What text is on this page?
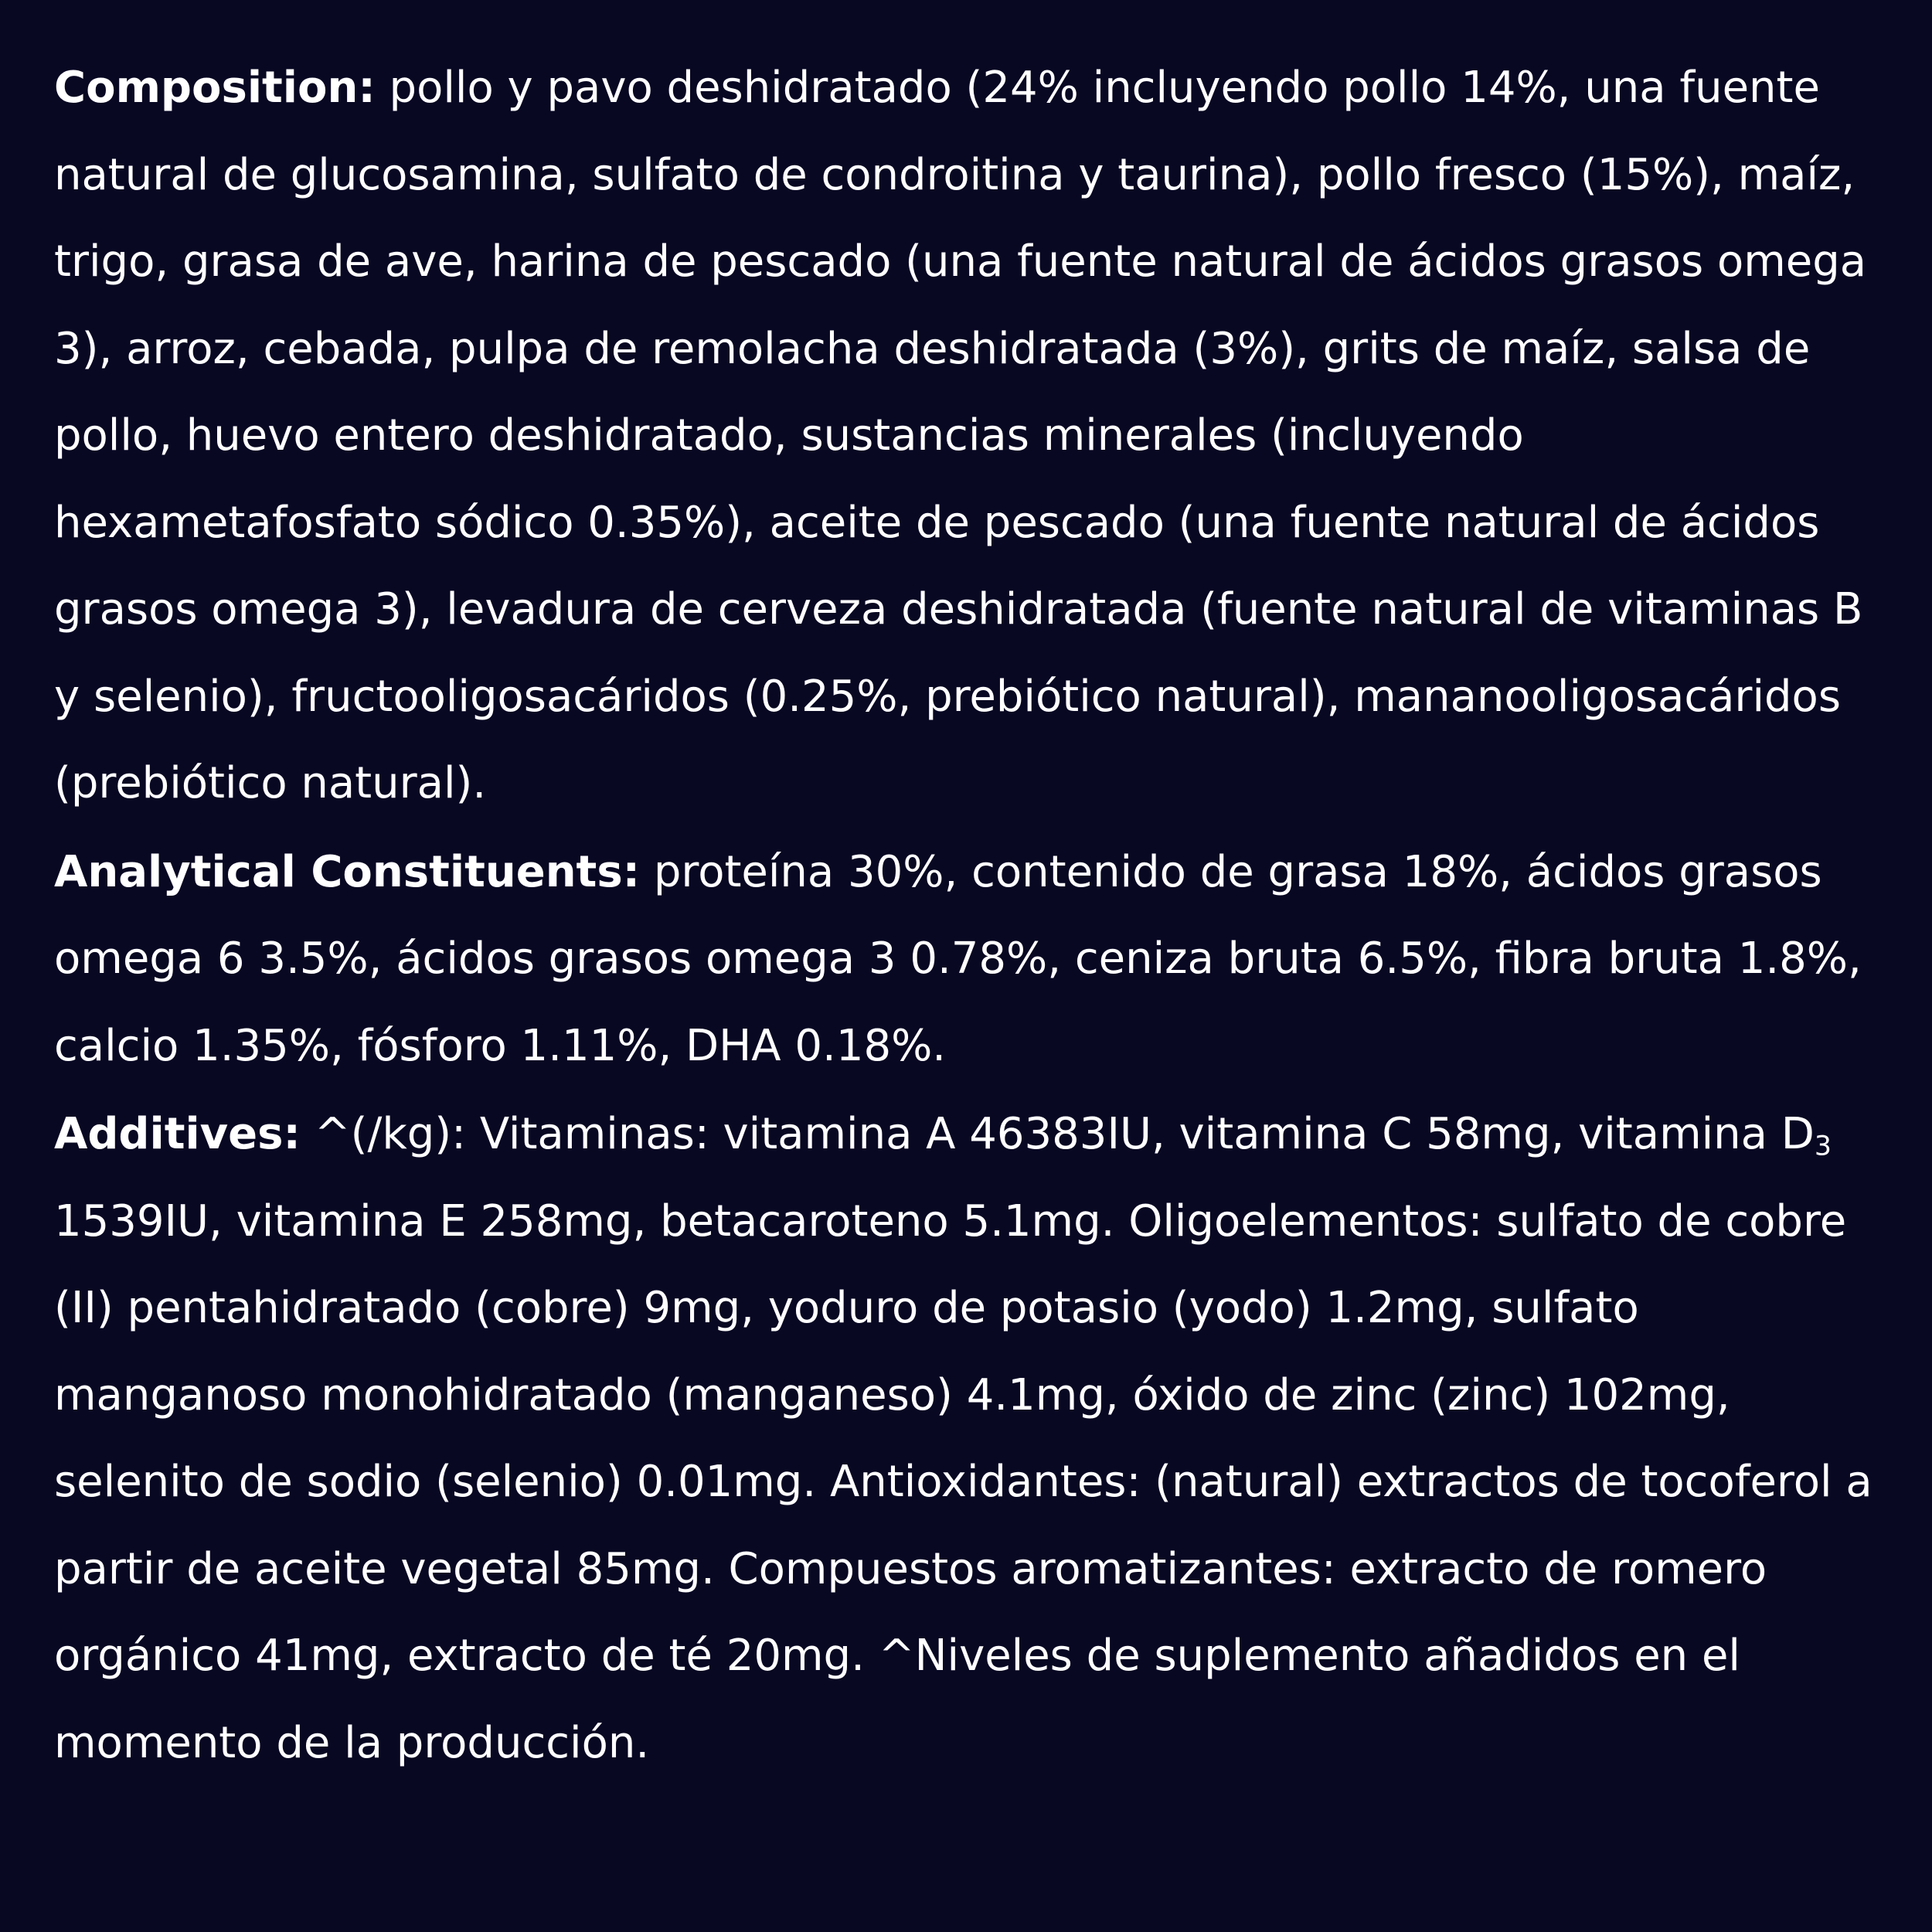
Composition: pollo y pavo deshidratado (24% incluyendo pollo 14%, una fuente natural de glucosamina, sulfato de condroitina y taurina), pollo fresco (15%), maíz, trigo, grasa de ave, harina de pescado (una fuente natural de ácidos grasos omega 3), arroz, cebada, pulpa de remolacha deshidratada (3%), grits de maíz, salsa de pollo, huevo entero deshidratado, sustancias minerales (incluyendo hexametafosfato sódico 0.35%), aceite de pescado (una fuente natural de ácidos grasos omega 3), levadura de cerveza deshidratada (fuente natural de vitaminas B y selenio), fructooligosacáridos (0.25%, prebiótico natural), mananooligosacáridos (prebiótico natural).

Analytical Constituents: proteína 30%, contenido de grasa 18%, ácidos grasos omega 6 3.5%, ácidos grasos omega 3 0.78%, ceniza bruta 6.5%, fibra bruta 1.8%, calcio 1.35%, fósforo 1.11%, DHA 0.18%.

Additives: ^(/kg): Vitaminas: vitamina A 46383IU, vitamina C 58mg, vitamina $D_3$ 1539IU, vitamina E 258mg, betacaroteno 5.1mg. Oligoelementos: sulfato de cobre (II) pentahidratado (cobre) 9mg, yoduro de potasio (yodo) 1.2mg, sulfato manganoso monohidratado (manganeso) 4.1mg, óxido de zinc (zinc) 102mg, selenito de sodio (selenio) 0.01mg. Antioxidantes: (natural) extractos de tocoferol a partir de aceite vegetal 85mg. Compuestos aromatizantes: extracto de romero orgánico 41mg, extracto de té 20mg. ^Niveles de suplemento añadidos en el momento de la producción.
